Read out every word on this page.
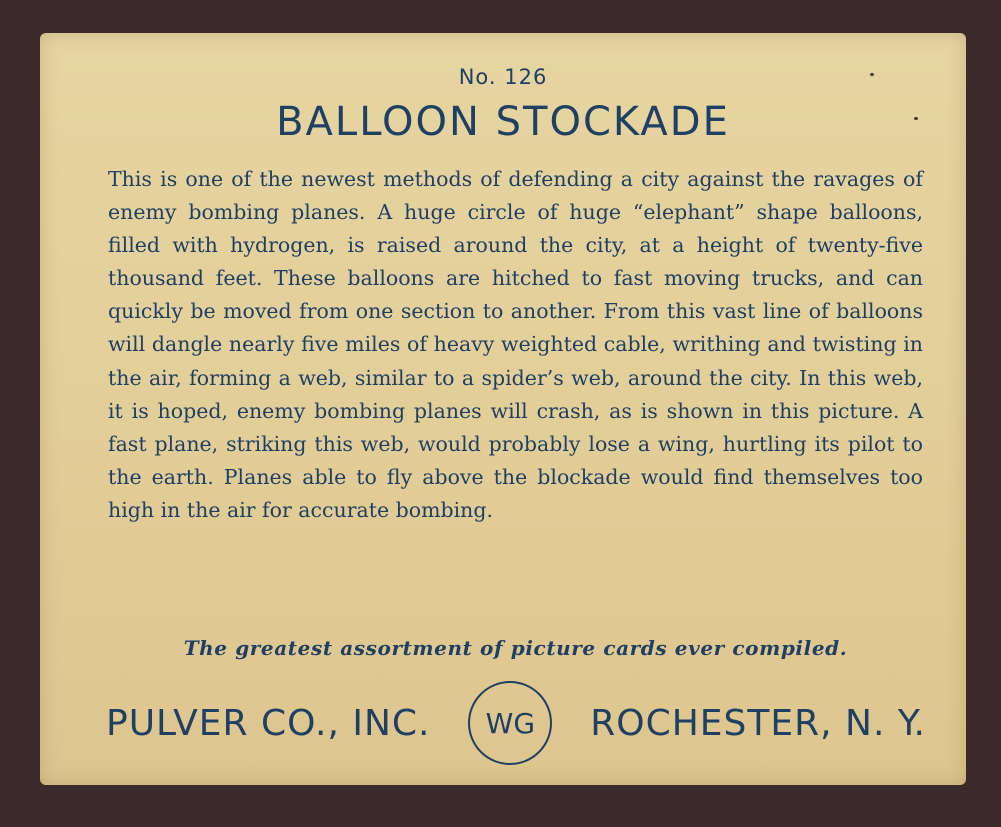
No. 126
BALLOON STOCKADE
This is one of the newest methods of defending a city against the ravages of enemy bombing planes. A huge circle of huge “elephant” shape balloons, filled with hydrogen, is raised around the city, at a height of twenty-five thousand feet. These balloons are hitched to fast moving trucks, and can quickly be moved from one section to another. From this vast line of balloons will dangle nearly five miles of heavy weighted cable, writhing and twisting in the air, forming a web, similar to a spider’s web, around the city. In this web, it is hoped, enemy bombing planes will crash, as is shown in this picture. A fast plane, striking this web, would probably lose a wing, hurtling its pilot to the earth. Planes able to fly above the blockade would find themselves too high in the air for accurate bombing.
The greatest assortment of picture cards ever compiled.
PULVER CO., INC. WG ROCHESTER, N. Y.
